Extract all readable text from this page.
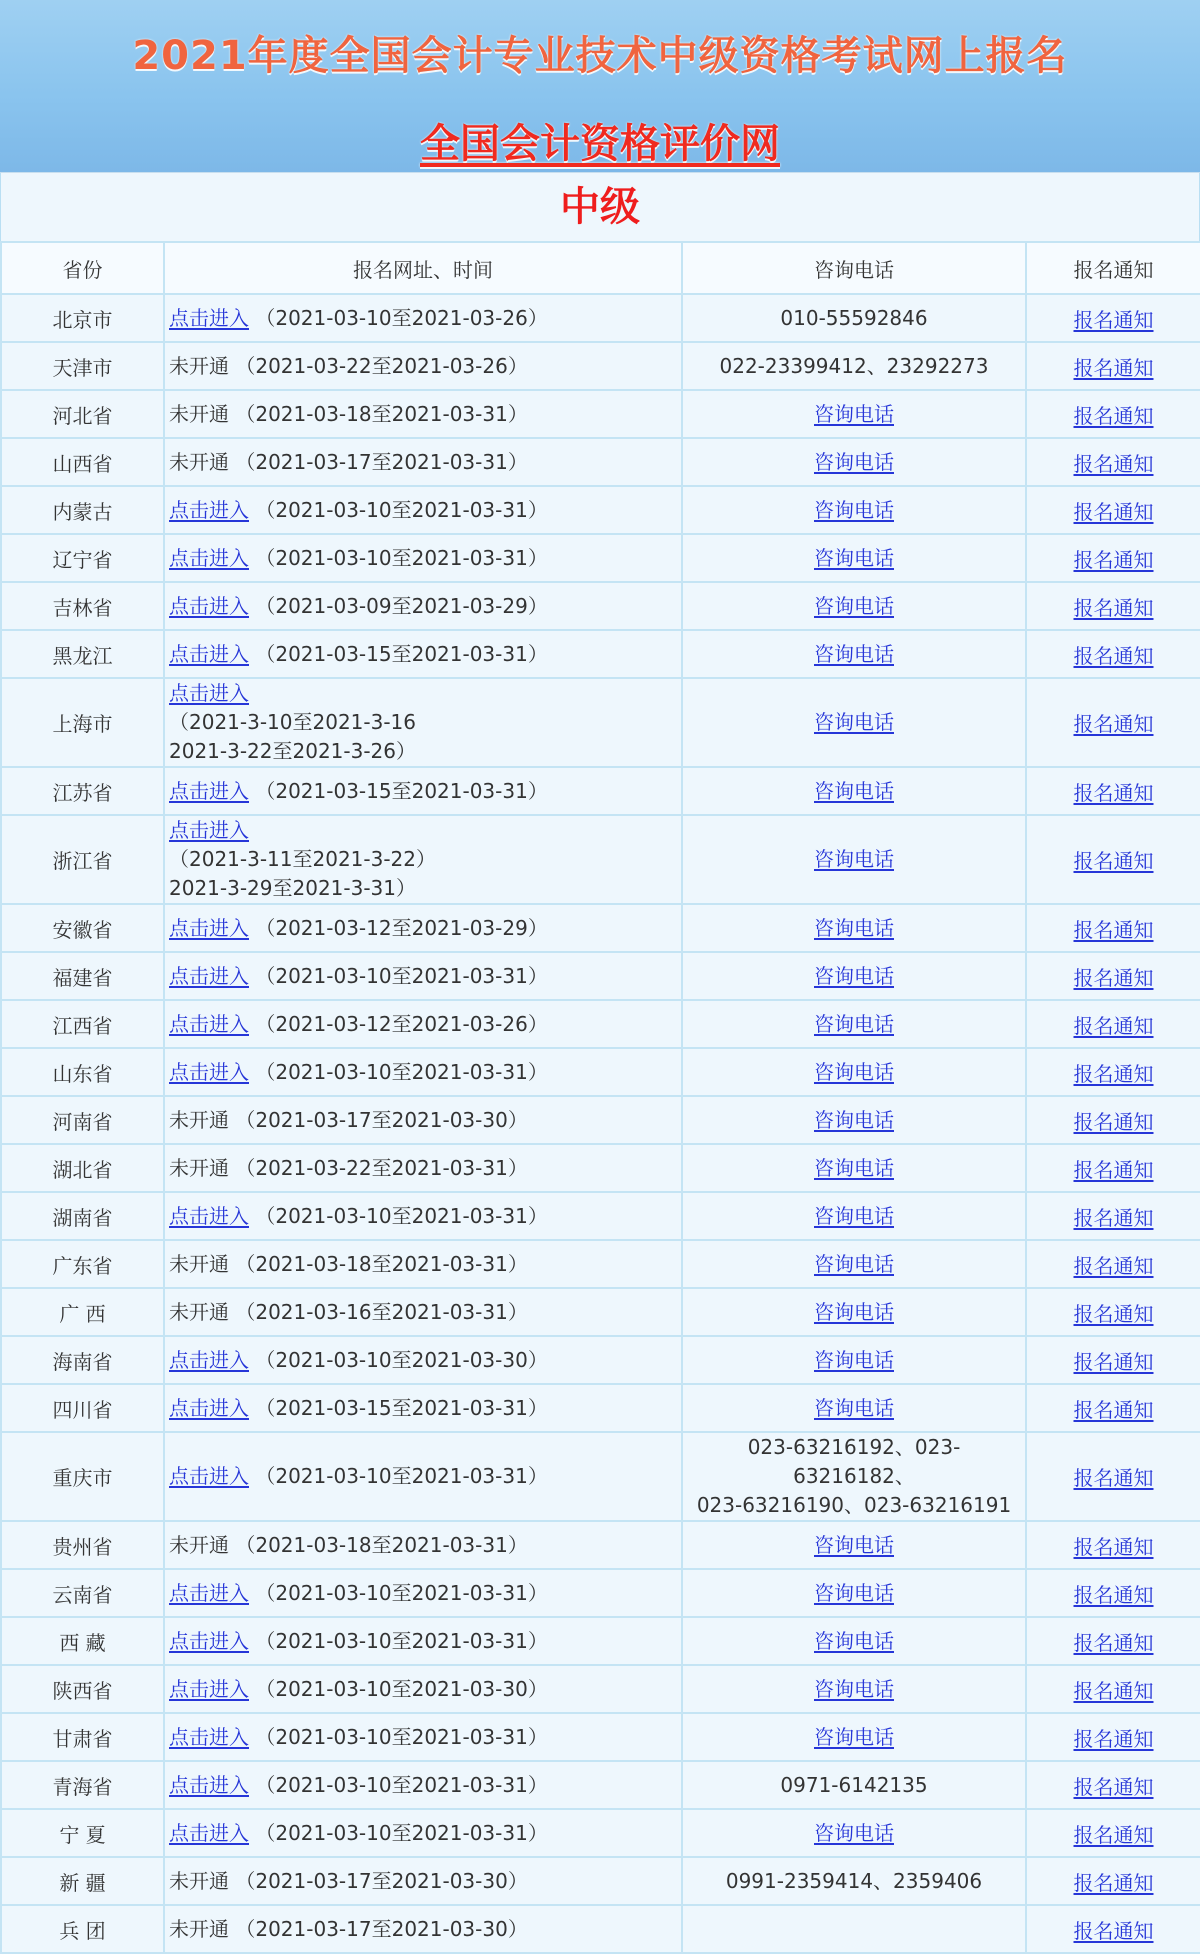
2021年度全国会计专业技术中级资格考试网上报名
全国会计资格评价网
中级
省份	报名网址、时间	咨询电话	报名通知
北京市	点击进入 （2021-03-10至2021-03-26）	010-55592846	报名通知
天津市	未开通 （2021-03-22至2021-03-26）	022-23399412、23292273	报名通知
河北省	未开通 （2021-03-18至2021-03-31）	咨询电话	报名通知
山西省	未开通 （2021-03-17至2021-03-31）	咨询电话	报名通知
内蒙古	点击进入 （2021-03-10至2021-03-31）	咨询电话	报名通知
辽宁省	点击进入 （2021-03-10至2021-03-31）	咨询电话	报名通知
吉林省	点击进入 （2021-03-09至2021-03-29）	咨询电话	报名通知
黑龙江	点击进入 （2021-03-15至2021-03-31）	咨询电话	报名通知
上海市	点击进入
（2021-3-10至2021-3-16
2021-3-22至2021-3-26）	咨询电话	报名通知
江苏省	点击进入 （2021-03-15至2021-03-31）	咨询电话	报名通知
浙江省	点击进入
（2021-3-11至2021-3-22）
2021-3-29至2021-3-31）	咨询电话	报名通知
安徽省	点击进入 （2021-03-12至2021-03-29）	咨询电话	报名通知
福建省	点击进入 （2021-03-10至2021-03-31）	咨询电话	报名通知
江西省	点击进入 （2021-03-12至2021-03-26）	咨询电话	报名通知
山东省	点击进入 （2021-03-10至2021-03-31）	咨询电话	报名通知
河南省	未开通 （2021-03-17至2021-03-30）	咨询电话	报名通知
湖北省	未开通 （2021-03-22至2021-03-31）	咨询电话	报名通知
湖南省	点击进入 （2021-03-10至2021-03-31）	咨询电话	报名通知
广东省	未开通 （2021-03-18至2021-03-31）	咨询电话	报名通知
广 西	未开通 （2021-03-16至2021-03-31）	咨询电话	报名通知
海南省	点击进入 （2021-03-10至2021-03-30）	咨询电话	报名通知
四川省	点击进入 （2021-03-15至2021-03-31）	咨询电话	报名通知
重庆市	点击进入 （2021-03-10至2021-03-31）	023-63216192、023-63216182、
023-63216190、023-63216191	报名通知
贵州省	未开通 （2021-03-18至2021-03-31）	咨询电话	报名通知
云南省	点击进入 （2021-03-10至2021-03-31）	咨询电话	报名通知
西 藏	点击进入 （2021-03-10至2021-03-31）	咨询电话	报名通知
陕西省	点击进入 （2021-03-10至2021-03-30）	咨询电话	报名通知
甘肃省	点击进入 （2021-03-10至2021-03-31）	咨询电话	报名通知
青海省	点击进入 （2021-03-10至2021-03-31）	0971-6142135	报名通知
宁 夏	点击进入 （2021-03-10至2021-03-31）	咨询电话	报名通知
新 疆	未开通 （2021-03-17至2021-03-30）	0991-2359414、2359406	报名通知
兵 团	未开通 （2021-03-17至2021-03-30）		报名通知
